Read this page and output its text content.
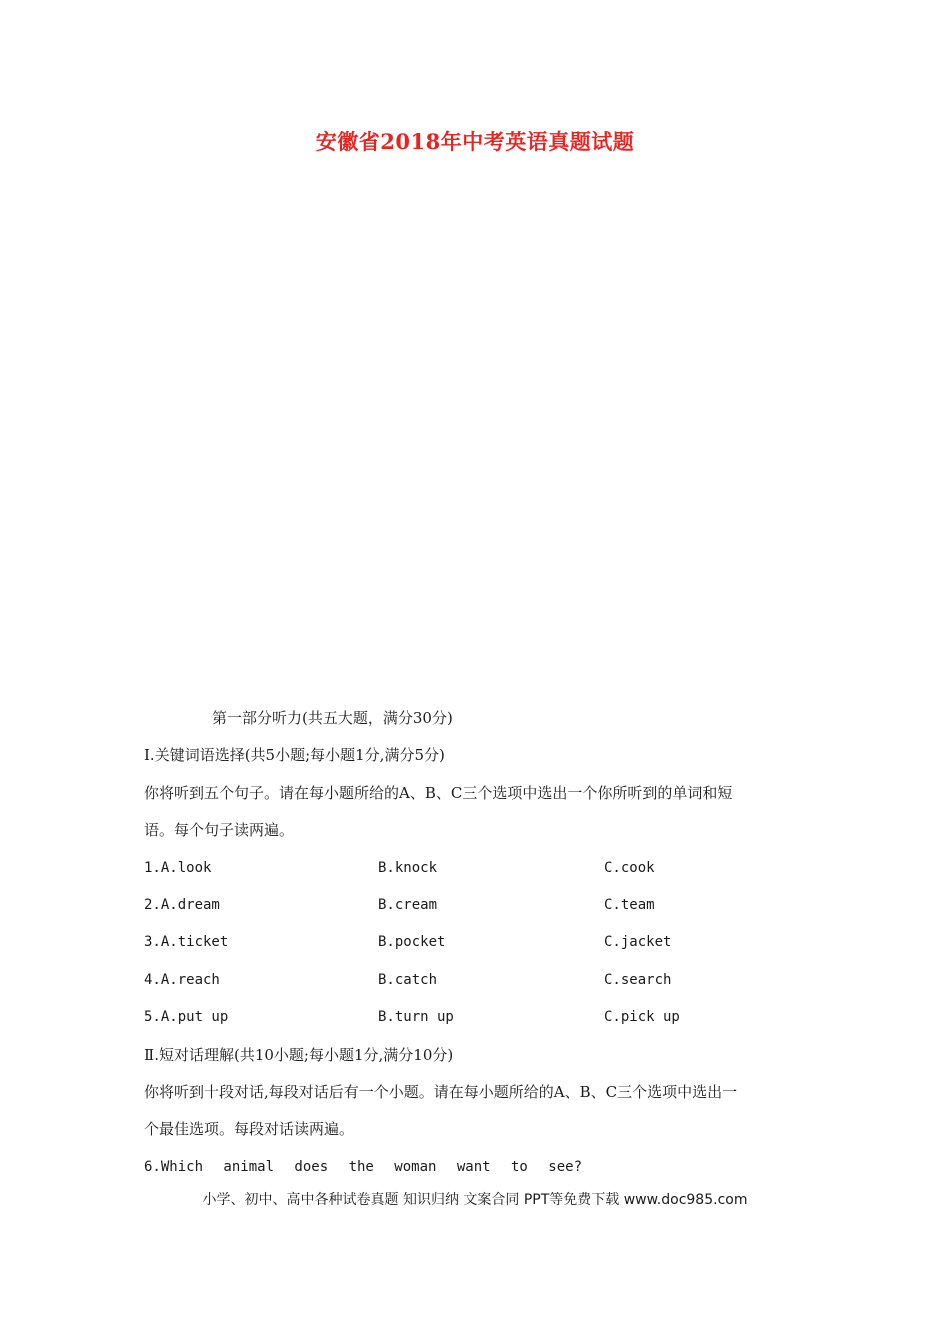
安徽省2018年中考英语真题试题
第一部分听力(共五大题，满分30分)
I.关键词语选择(共5小题;每小题1分,满分5分)
你将听到五个句子。请在每小题所给的A、B、C三个选项中选出一个你所听到的单词和短
语。每个句子读两遍。
1.A.look	B.knock	C.cook
2.A.dream	B.cream	C.team
3.A.ticket	B.pocket	C.jacket
4.A.reach	B.catch	C.search
5.A.put up	B.turn up	C.pick up
Ⅱ.短对话理解(共10小题;每小题1分,满分10分)
你将听到十段对话,每段对话后有一个小题。请在每小题所给的A、B、C三个选项中选出一
个最佳选项。每段对话读两遍。
6.Which animal does the woman want to see?
小学、初中、高中各种试卷真题 知识归纳 文案合同 PPT等免费下载 www.doc985.com
